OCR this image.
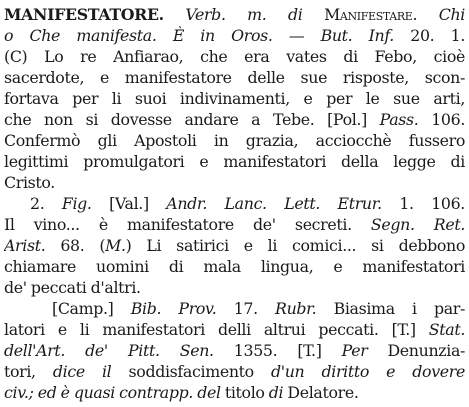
MANIFESTATORE. Verb. m. di Manifestare. Chi
o Che manifesta. È in Oros. — But. Inf. 20. 1.
(C) Lo re Anfiarao, che era vates di Febo, cioè
sacerdote, e manifestatore delle sue risposte, scon-
fortava per li suoi indivinamenti, e per le sue arti,
che non si dovesse andare a Tebe. [Pol.] Pass. 106.
Confermò gli Apostoli in grazia, acciocchè fussero
legittimi promulgatori e manifestatori della legge di
Cristo.
2. Fig. [Val.] Andr. Lanc. Lett. Etrur. 1. 106.
Il vino... è manifestatore de' secreti. Segn. Ret.
Arist. 68. (M.) Li satirici e li comici... si debbono
chiamare uomini di mala lingua, e manifestatori
de' peccati d'altri.
[Camp.] Bib. Prov. 17. Rubr. Biasima i par-
latori e li manifestatori delli altrui peccati. [T.] Stat.
dell'Art. de' Pitt. Sen. 1355. [T.] Per Denunzia-
tori, dice il soddisfacimento d'un diritto e dovere
civ.; ed è quasi contrapp. del titolo di Delatore.
